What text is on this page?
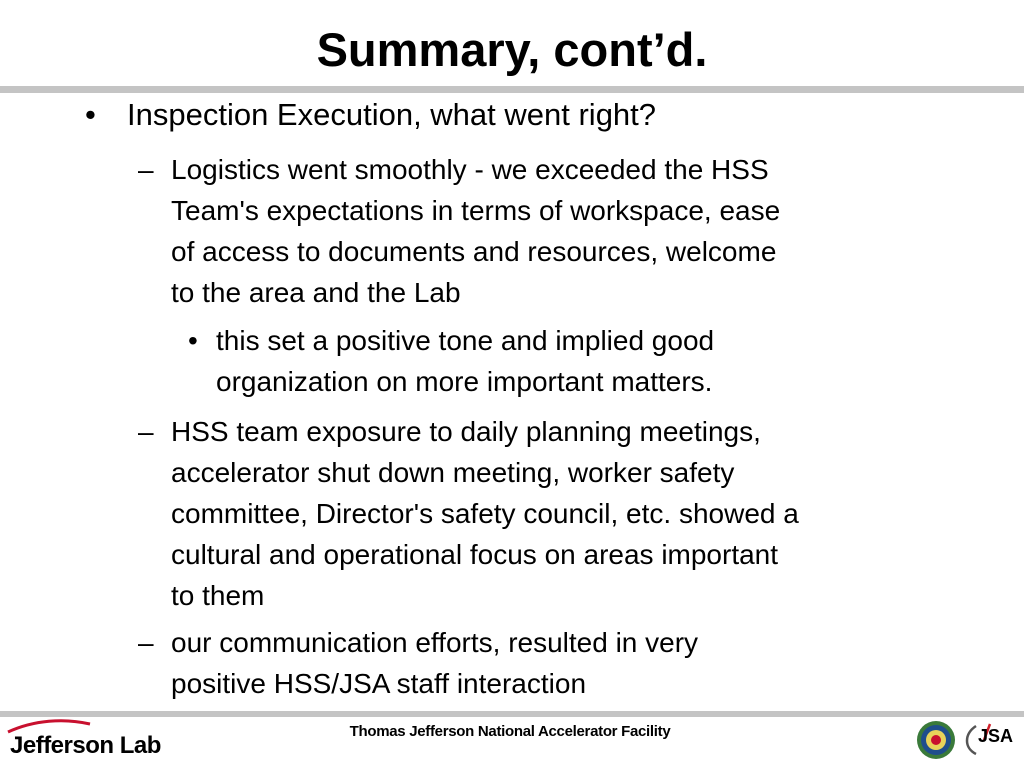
Summary, cont’d.
• Inspection Execution, what went right?
– Logistics went smoothly - we exceeded the HSS
Team's expectations in terms of workspace, ease
of access to documents and resources, welcome
to the area and the Lab
• this set a positive tone and implied good
organization on more important matters.
– HSS team exposure to daily planning meetings,
accelerator shut down meeting, worker safety
committee, Director's safety council, etc. showed a
cultural and operational focus on areas important
to them
– our communication efforts, resulted in very
positive HSS/JSA staff interaction
Jefferson Lab
Thomas Jefferson National Accelerator Facility	JSA
